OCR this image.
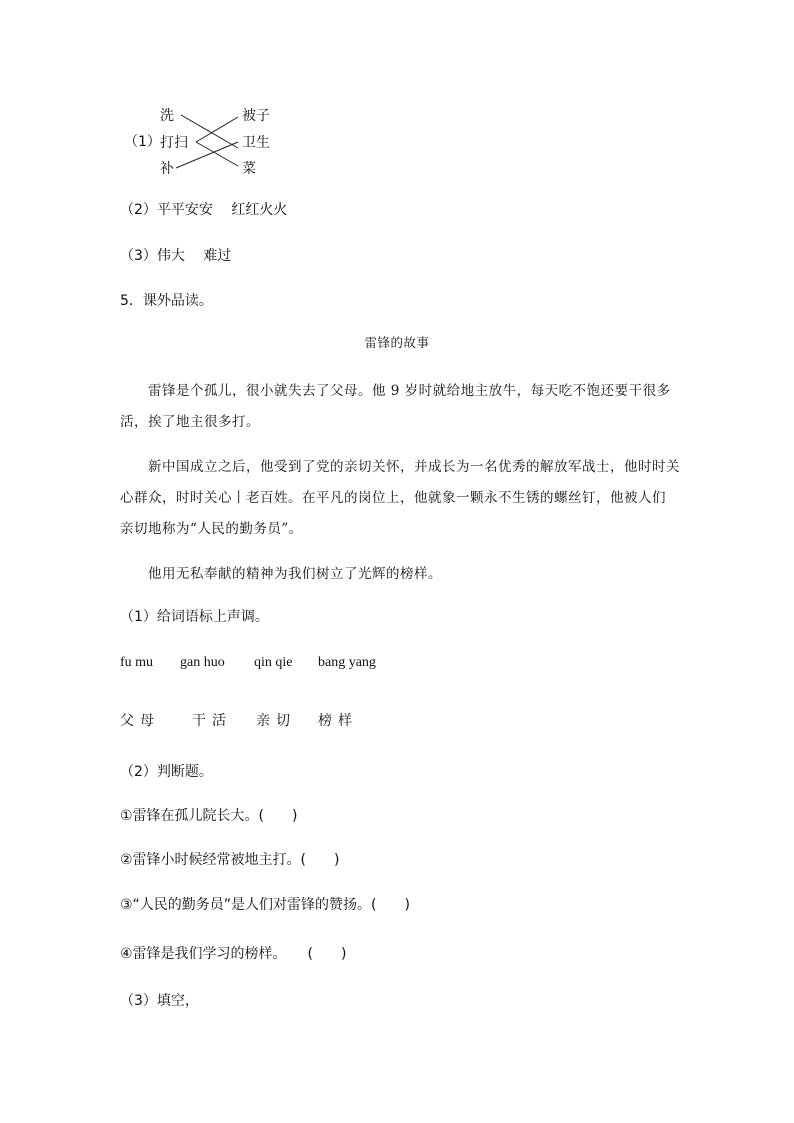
（1）
洗
打扫
补
被子
卫生
菜
（2）平平安安　 红红火火
（3）伟大　 难过
5．课外品读。
雷锋的故事
雷锋是个孤儿，很小就失去了父母。他 9 岁时就给地主放牛，每天吃不饱还要干很多
活，挨了地主很多打。
新中国成立之后，他受到了党的亲切关怀，并成长为一名优秀的解放军战士，他时时关
心群众，时时关心丨老百姓。在平凡的岗位上，他就象一颗永不生锈的螺丝钉，他被人们
亲切地称为“人民的勤务员”。
他用无私奉献的精神为我们树立了光辉的榜样。
（1）给词语标上声调。
fu mu gan huo qin qie bang yang
父母 干活 亲切 榜样
（2）判断题。
①雷锋在孤儿院长大。(　　)
②雷锋小时候经常被地主打。(　　)
③“人民的勤务员”是人们对雷锋的赞扬。(　　)
④雷锋是我们学习的榜样。　　(　　)
（3）填空，
